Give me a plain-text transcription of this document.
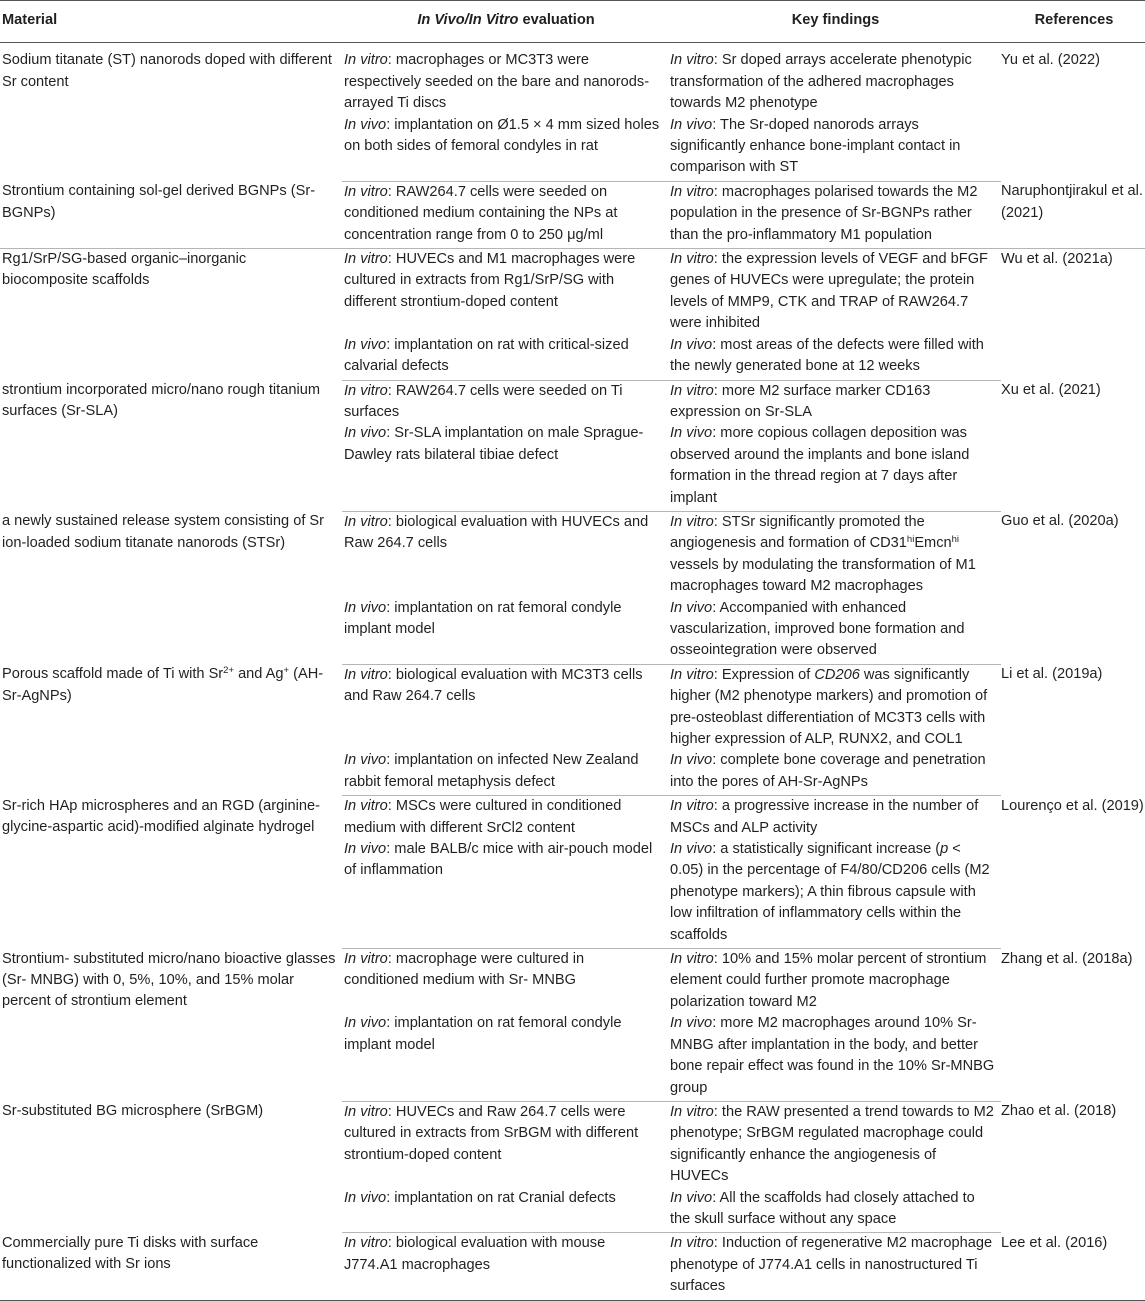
Material	In Vivo/In Vitro evaluation	Key findings	References
Sodium titanate (ST) nanorods doped with different Sr content	In vitro: macrophages or MC3T3 were respectively seeded on the bare and nanorods-arrayed Ti discs	In vitro: Sr doped arrays accelerate phenotypic transformation of the adhered macrophages towards M2 phenotype	Yu et al. (2022)
	In vivo: implantation on Ø1.5 × 4 mm sized holes on both sides of femoral condyles in rat	In vivo: The Sr-doped nanorods arrays significantly enhance bone-implant contact in comparison with ST	
Strontium containing sol-gel derived BGNPs (Sr-BGNPs)	In vitro: RAW264.7 cells were seeded on conditioned medium containing the NPs at concentration range from 0 to 250 μg/ml	In vitro: macrophages polarised towards the M2 population in the presence of Sr-BGNPs rather than the pro-inflammatory M1 population	Naruphontjirakul et al. (2021)
Rg1/SrP/SG-based organic–inorganic biocomposite scaffolds	In vitro: HUVECs and M1 macrophages were cultured in extracts from Rg1/SrP/SG with different strontium-doped content	In vitro: the expression levels of VEGF and bFGF genes of HUVECs were upregulate; the protein levels of MMP9, CTK and TRAP of RAW264.7 were inhibited	Wu et al. (2021a)
	In vivo: implantation on rat with critical-sized calvarial defects	In vivo: most areas of the defects were filled with the newly generated bone at 12 weeks	
strontium incorporated micro/nano rough titanium surfaces (Sr-SLA)	In vitro: RAW264.7 cells were seeded on Ti surfaces	In vitro: more M2 surface marker CD163 expression on Sr-SLA	Xu et al. (2021)
	In vivo: Sr-SLA implantation on male Sprague-Dawley rats bilateral tibiae defect	In vivo: more copious collagen deposition was observed around the implants and bone island formation in the thread region at 7 days after implant	
a newly sustained release system consisting of Sr ion-loaded sodium titanate nanorods (STSr)	In vitro: biological evaluation with HUVECs and Raw 264.7 cells	In vitro: STSr significantly promoted the angiogenesis and formation of $CD31^{hi}Emcn^{hi}$ vessels by modulating the transformation of M1 macrophages toward M2 macrophages	Guo et al. (2020a)
	In vivo: implantation on rat femoral condyle implant model	In vivo: Accompanied with enhanced vascularization, improved bone formation and osseointegration were observed	
Porous scaffold made of Ti with $Sr^{2+}$ and Ag+ (AH-Sr-AgNPs)	In vitro: biological evaluation with MC3T3 cells and Raw 264.7 cells	In vitro: Expression of CD206 was significantly higher (M2 phenotype markers) and promotion of pre-osteoblast differentiation of MC3T3 cells with higher expression of ALP, RUNX2, and COL1	Li et al. (2019a)
	In vivo: implantation on infected New Zealand rabbit femoral metaphysis defect	In vivo: complete bone coverage and penetration into the pores of AH-Sr-AgNPs	
Sr-rich HAp microspheres and an RGD (arginine-glycine-aspartic acid)-modified alginate hydrogel	In vitro: MSCs were cultured in conditioned medium with different SrCl2 content	In vitro: a progressive increase in the number of MSCs and ALP activity	Lourenço et al. (2019)
	In vivo: male BALB/c mice with air-pouch model of inflammation	In vivo: a statistically significant increase (p < 0.05) in the percentage of F4/80/CD206 cells (M2 phenotype markers); A thin fibrous capsule with low infiltration of inflammatory cells within the scaffolds	
Strontium- substituted micro/nano bioactive glasses (Sr- MNBG) with 0, 5%, 10%, and 15% molar percent of strontium element	In vitro: macrophage were cultured in conditioned medium with Sr- MNBG	In vitro: 10% and 15% molar percent of strontium element could further promote macrophage polarization toward M2	Zhang et al. (2018a)
	In vivo: implantation on rat femoral condyle implant model	In vivo: more M2 macrophages around 10% Sr-MNBG after implantation in the body, and better bone repair effect was found in the 10% Sr-MNBG group	
Sr-substituted BG microsphere (SrBGM)	In vitro: HUVECs and Raw 264.7 cells were cultured in extracts from SrBGM with different strontium-doped content	In vitro: the RAW presented a trend towards to M2 phenotype; SrBGM regulated macrophage could significantly enhance the angiogenesis of HUVECs	Zhao et al. (2018)
	In vivo: implantation on rat Cranial defects	In vivo: All the scaffolds had closely attached to the skull surface without any space	
Commercially pure Ti disks with surface functionalized with Sr ions	In vitro: biological evaluation with mouse J774.A1 macrophages	In vitro: Induction of regenerative M2 macrophage phenotype of J774.A1 cells in nanostructured Ti surfaces	Lee et al. (2016)
